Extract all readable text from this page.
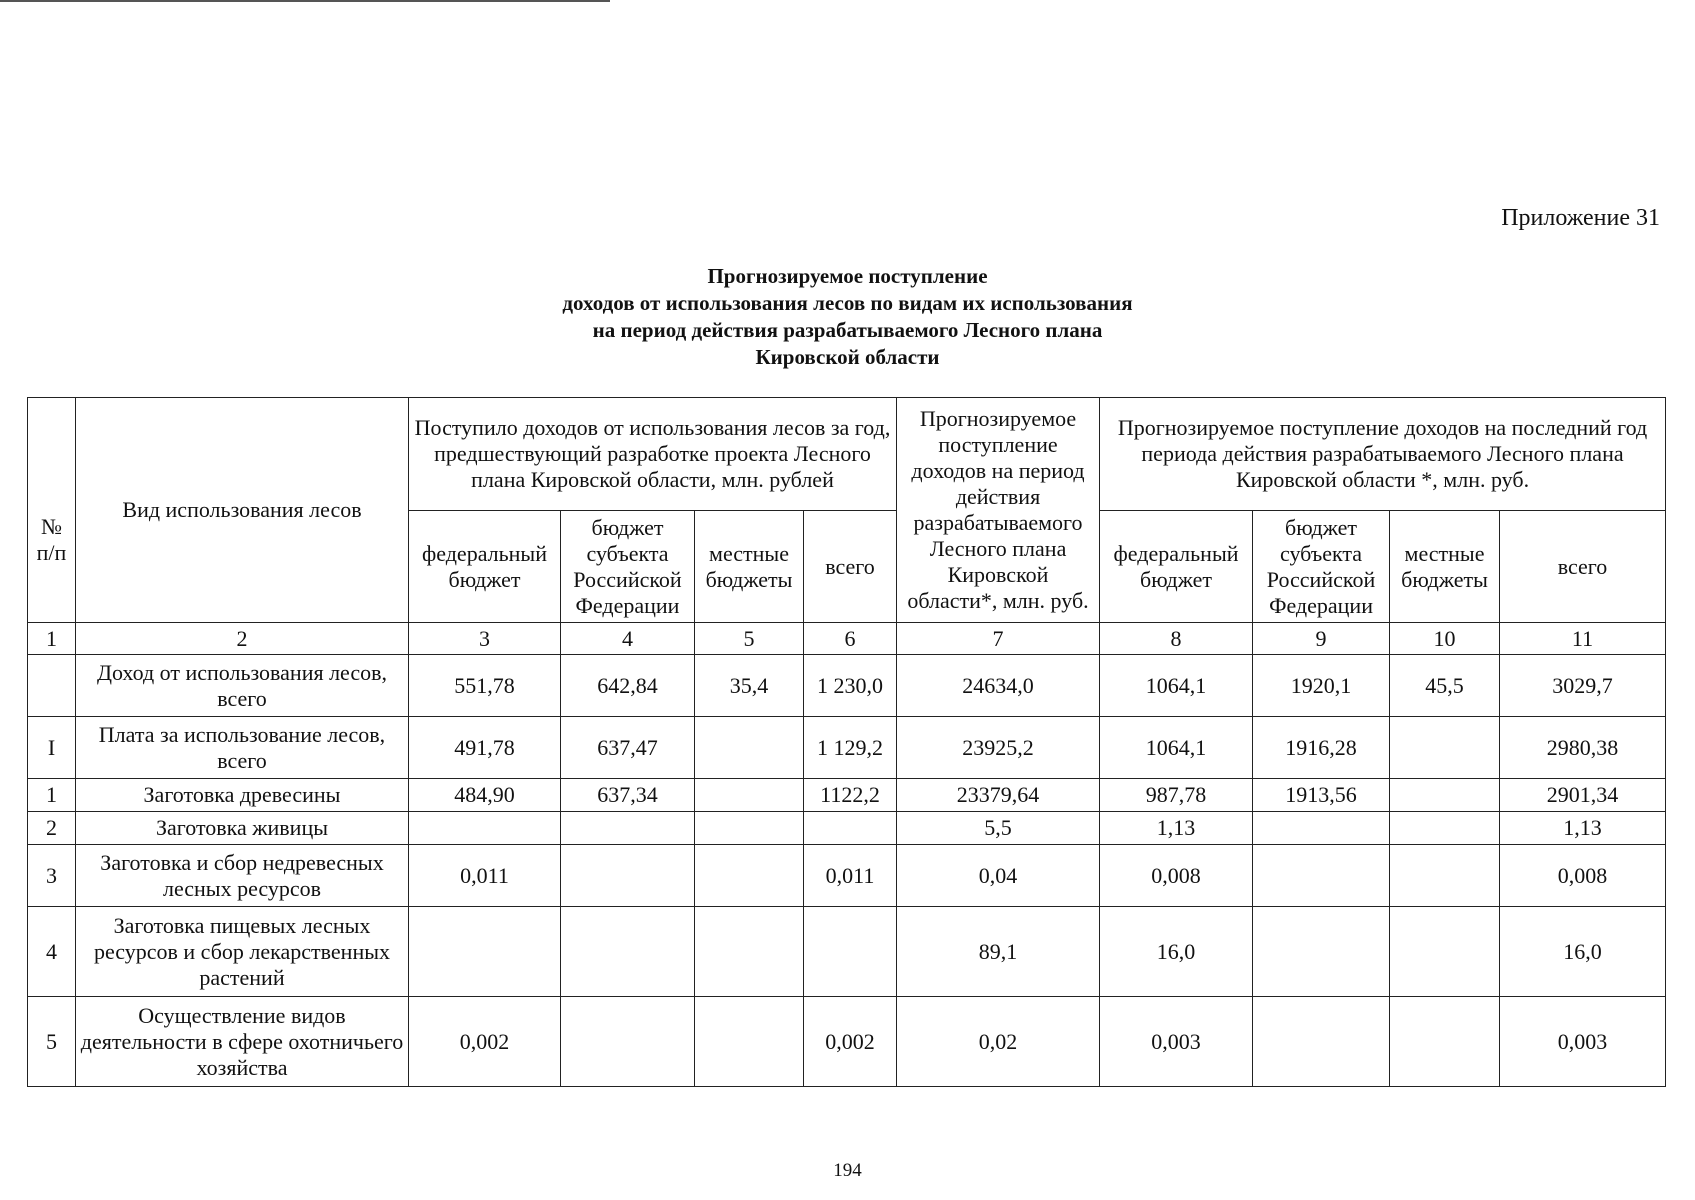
Приложение 31
Прогнозируемое поступление
доходов от использования лесов по видам их использования
на период действия разрабатываемого Лесного плана
Кировской области
№ п/п	Вид использования лесов	Поступило доходов от использования лесов за год, предшествующий разработке проекта Лесного плана Кировской области, млн. рублей				Прогнозируемое поступление доходов на период действия разрабатываемого Лесного плана Кировской области*, млн. руб.	Прогнозируемое поступление доходов на последний год периода действия разрабатываемого Лесного плана Кировской области *, млн. руб.			
		федеральный бюджет	бюджет субъекта Российской Федерации	местные бюджеты	всего		федеральный бюджет	бюджет субъекта Российской Федерации	местные бюджеты	всего
1	2	3	4	5	6	7	8	9	10	11
	Доход от использования лесов, всего	551,78	642,84	35,4	1 230,0	24634,0	1064,1	1920,1	45,5	3029,7
I	Плата за использование лесов, всего	491,78	637,47		1 129,2	23925,2	1064,1	1916,28		2980,38
1	Заготовка древесины	484,90	637,34		1122,2	23379,64	987,78	1913,56		2901,34
2	Заготовка живицы					5,5	1,13			1,13
3	Заготовка и сбор недревесных лесных ресурсов	0,011			0,011	0,04	0,008			0,008
4	Заготовка пищевых лесных ресурсов и сбор лекарственных растений					89,1	16,0			16,0
5	Осуществление видов деятельности в сфере охотничьего хозяйства	0,002			0,002	0,02	0,003			0,003
194
